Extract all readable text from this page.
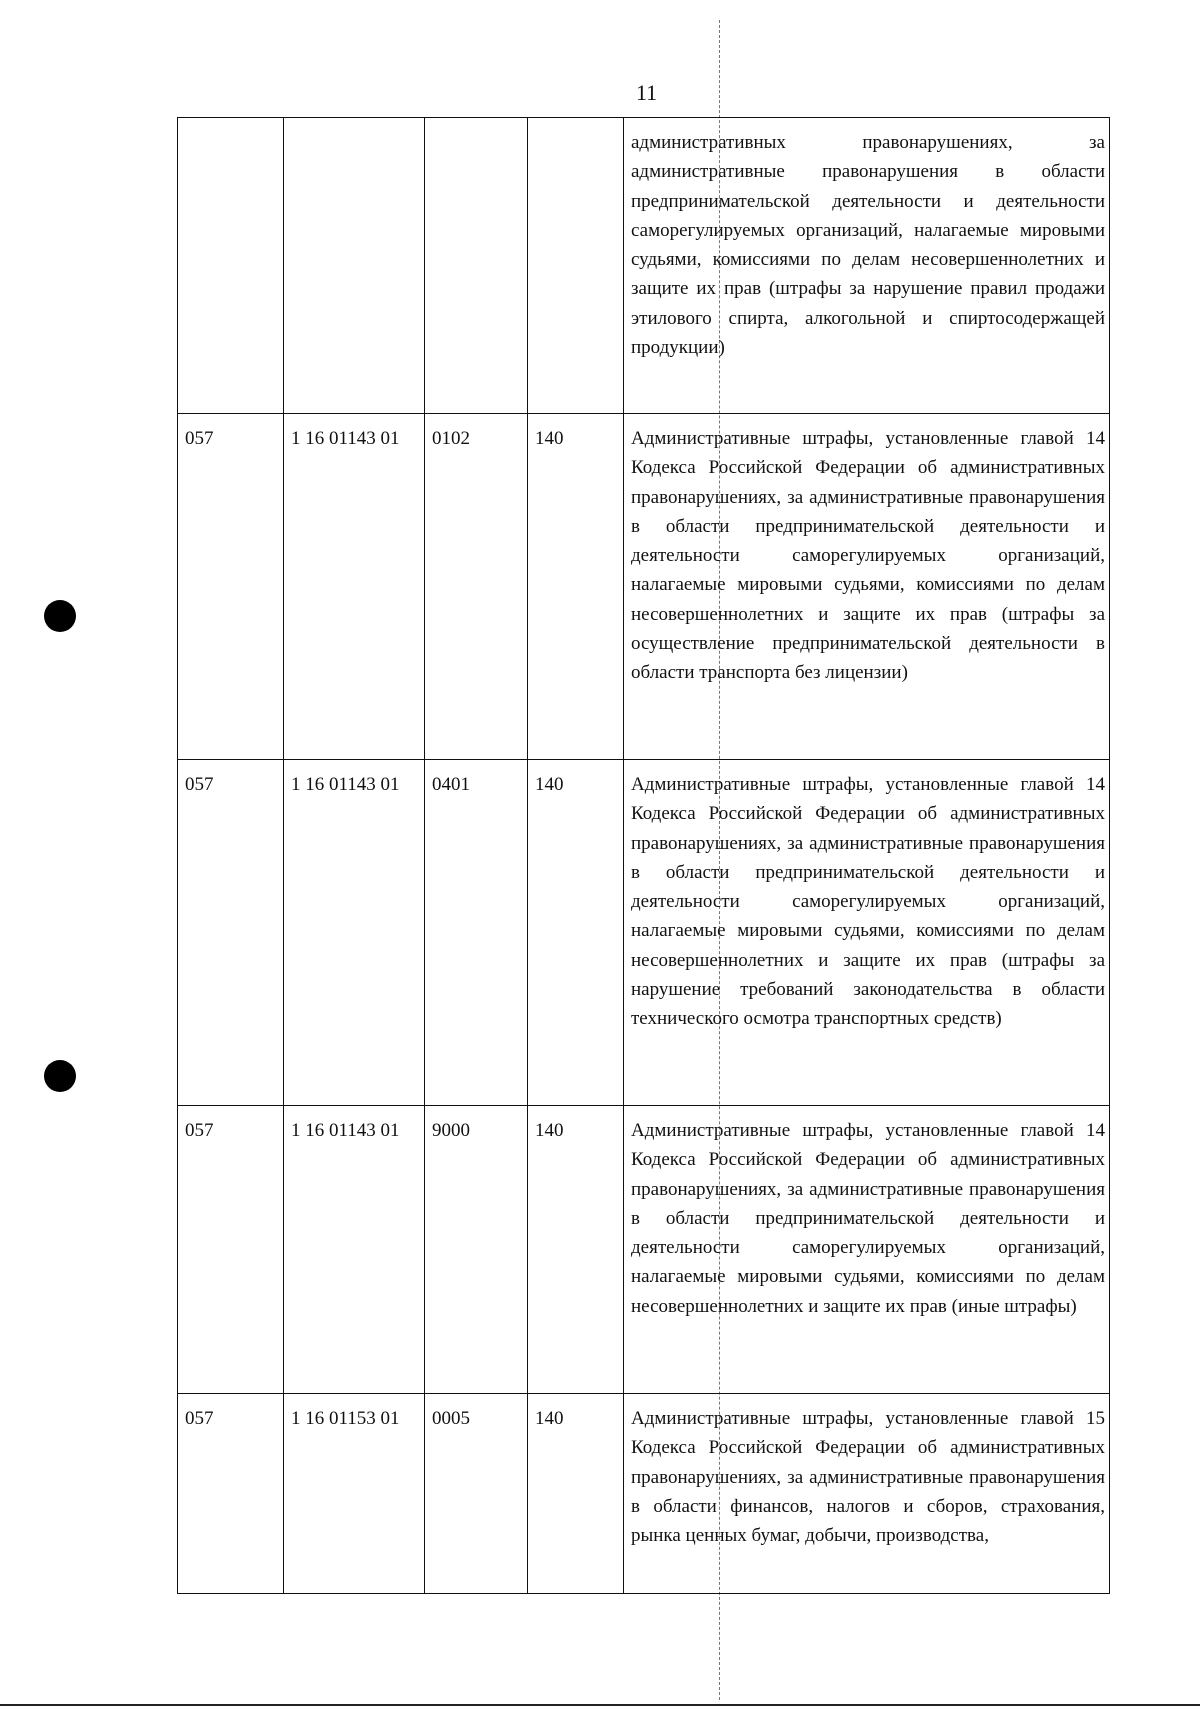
11
				административных правонарушениях, за административные правонарушения в области предпринимательской деятельности и деятельности саморегулируемых организаций, налагаемые мировыми судьями, комиссиями по делам несовершеннолетних и защите их прав (штрафы за нарушение правил продажи этилового спирта, алкогольной и спиртосодержащей продукции)
057	1 16 01143 01	0102	140	Административные штрафы, установленные главой 14 Кодекса Российской Федерации об административных правонарушениях, за административные правонарушения в области предпринимательской деятельности и деятельности саморегулируемых организаций, налагаемые мировыми судьями, комиссиями по делам несовершеннолетних и защите их прав (штрафы за осуществление предпринимательской деятельности в области транспорта без лицензии)
057	1 16 01143 01	0401	140	Административные штрафы, установленные главой 14 Кодекса Российской Федерации об административных правонарушениях, за административные правонарушения в области предпринимательской деятельности и деятельности саморегулируемых организаций, налагаемые мировыми судьями, комиссиями по делам несовершеннолетних и защите их прав (штрафы за нарушение требований законодательства в области технического осмотра транспортных средств)
057	1 16 01143 01	9000	140	Административные штрафы, установленные главой 14 Кодекса Российской Федерации об административных правонарушениях, за административные правонарушения в области предпринимательской деятельности и деятельности саморегулируемых организаций, налагаемые мировыми судьями, комиссиями по делам несовершеннолетних и защите их прав (иные штрафы)
057	1 16 01153 01	0005	140	Административные штрафы, установленные главой 15 Кодекса Российской Федерации об административных правонарушениях, за административные правонарушения в области финансов, налогов и сборов, страхования, рынка ценных бумаг, добычи, производства,
